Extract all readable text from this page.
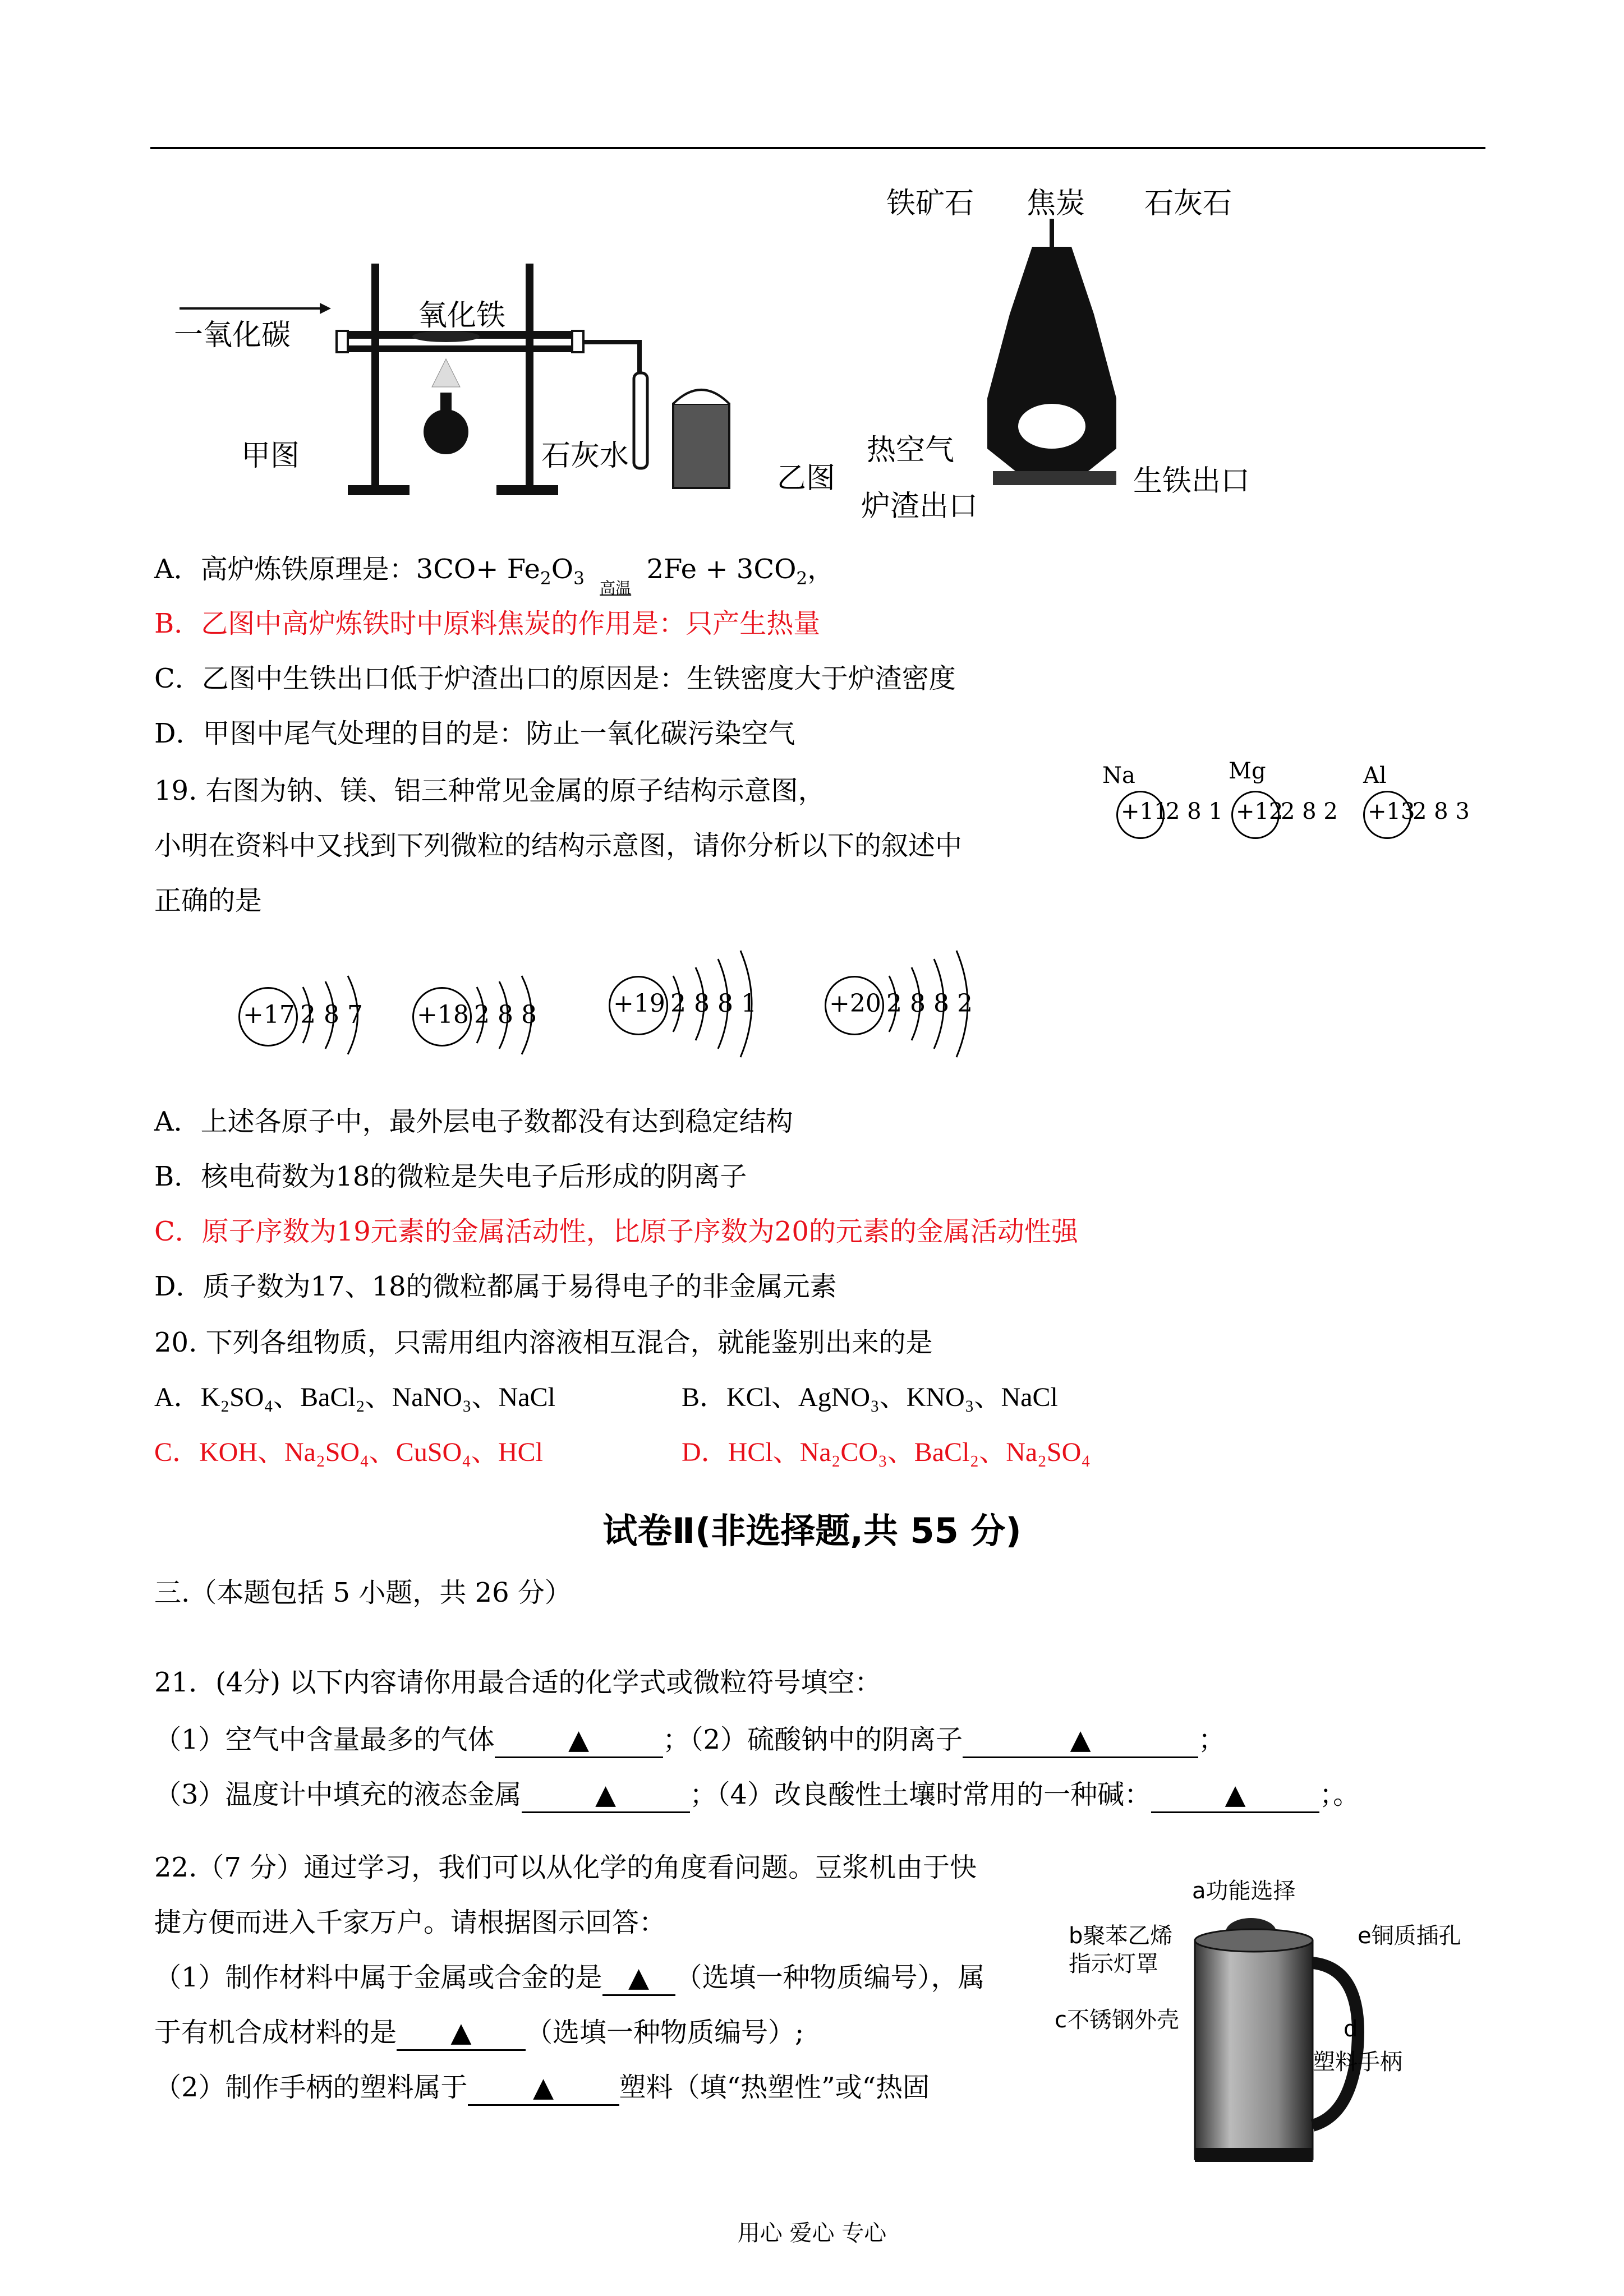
一氧化碳
氧化铁
甲图	石灰水
铁矿石 焦炭 石灰石
乙图
热空气
炉渣出口
生铁出口
A．高炉炼铁原理是：$3CO+ Fe_2O_3$ 高温
$2Fe + 3CO_2$，
B．乙图中高炉炼铁时中原料焦炭的作用是：只产生热量
C．乙图中生铁出口低于炉渣出口的原因是：生铁密度大于炉渣密度
D．甲图中尾气处理的目的是：防止一氧化碳污染空气
19. 右图为钠、镁、铝三种常见金属的原子结构示意图，
小明在资料中又找到下列微粒的结构示意图，请你分析以下的叙述中
正确的是
Na	Mg	Al
+11
2 8 1 +12
2 8 2 +13
2 8 3
+17 2 8 7 +18 2 8 8	+19 2 8 8 1	+20 2 8 8 2
A．上述各原子中，最外层电子数都没有达到稳定结构
B．核电荷数为18的微粒是失电子后形成的阴离子
C．原子序数为19元素的金属活动性，比原子序数为20的元素的金属活动性强
D．质子数为17、18的微粒都属于易得电子的非金属元素
20. 下列各组物质，只需用组内溶液相互混合，就能鉴别出来的是
A．K₂SO₄、BaCl₂、NaNO₃、NaCl	B．KCl、AgNO₃、KNO₃、NaCl
C．KOH、Na₂SO₄、CuSO₄、HCl	D．HCl、Na₂CO₃、BaCl₂、Na₂SO₄
试卷Ⅱ(非选择题,共 55 分)
三.（本题包括 5 小题，共 26 分）
21．(4分) 以下内容请你用最合适的化学式或微粒符号填空：
（1）空气中含量最多的气体	▲	；（2）硫酸钠中的阴离子	▲	；
（3）温度计中填充的液态金属	▲	；（4）改良酸性土壤时常用的一种碱：	▲	；。
22.（7 分）通过学习，我们可以从化学的角度看问题。豆浆机由于快
捷方便而进入千家万户。请根据图示回答：
（1）制作材料中属于金属或合金的是 ▲ （选填一种物质编号），属
于有机合成材料的是 ▲ （选填一种物质编号）;
（2）制作手柄的塑料属于 ▲ 塑料（填“热塑性”或“热固
a功能选择
b聚苯乙烯
指示灯罩
e铜质插孔
c不锈钢外壳	d
塑料手柄
用心 爱心 专心
